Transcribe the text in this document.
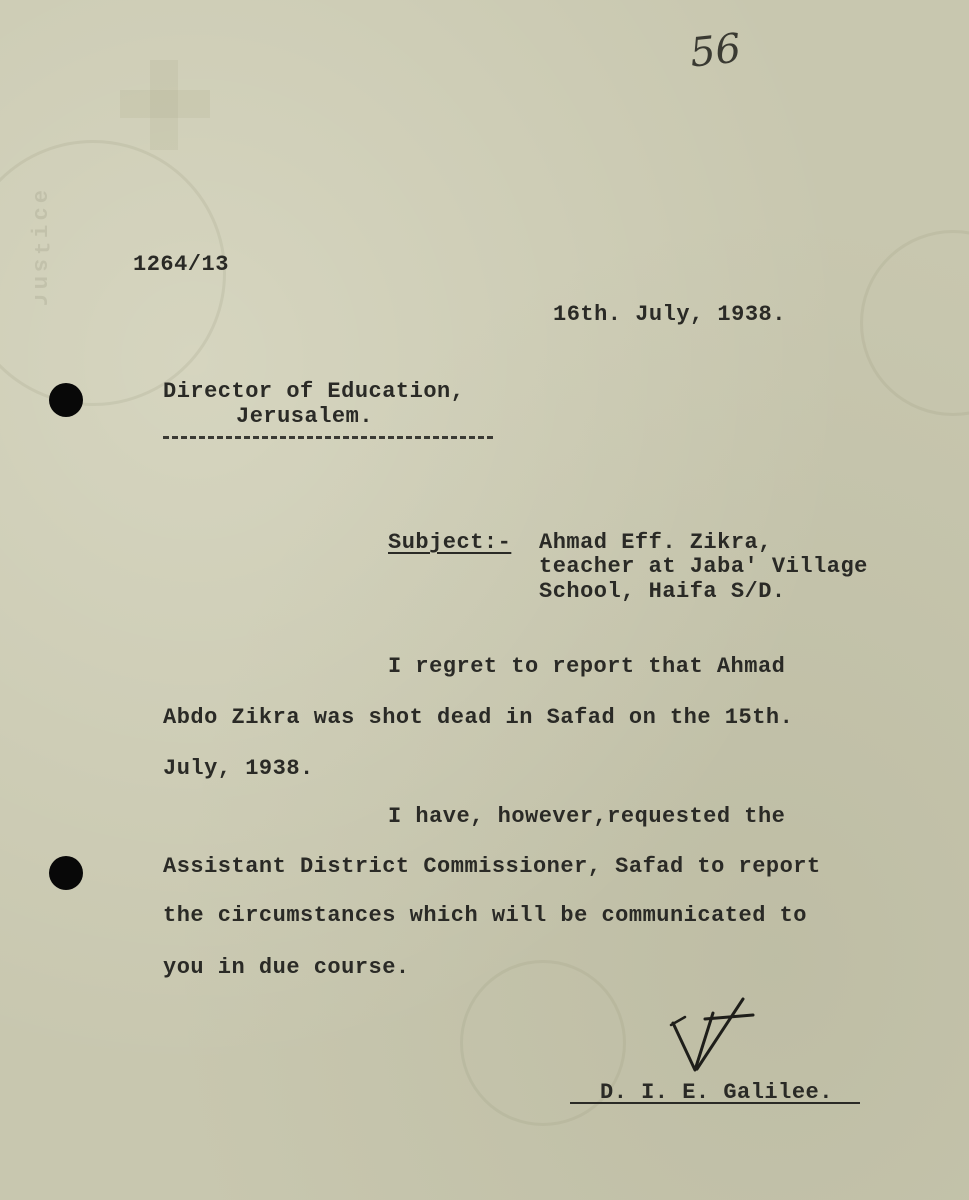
ǝɔᴉʇsnɾ
56
1264/13
16th. July, 1938.
Director of Education,
Jerusalem.
Subject:- Ahmad Eff. Zikra,
teacher at Jaba' Village
School, Haifa S/D.
I regret to report that Ahmad
Abdo Zikra was shot dead in Safad on the 15th.
July, 1938.
I have, however,requested the
Assistant District Commissioner, Safad to report
the circumstances which will be communicated to
you in due course.
D. I. E. Galilee.
